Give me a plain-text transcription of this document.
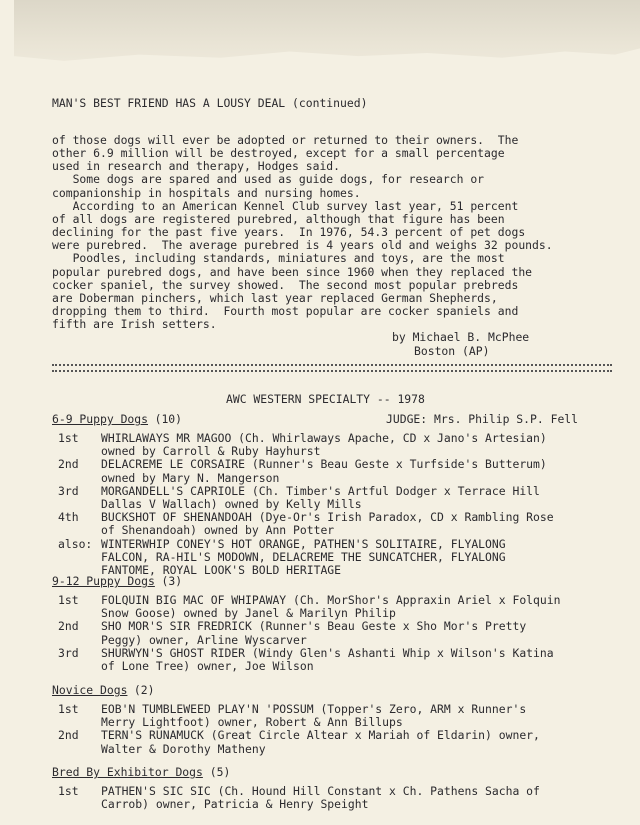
MAN'S BEST FRIEND HAS A LOUSY DEAL (continued)
of those dogs will ever be adopted or returned to their owners.  The
other 6.9 million will be destroyed, except for a small percentage
used in research and therapy, Hodges said.
Some dogs are spared and used as guide dogs, for research or
companionship in hospitals and nursing homes.
According to an American Kennel Club survey last year, 51 percent
of all dogs are registered purebred, although that figure has been
declining for the past five years.  In 1976, 54.3 percent of pet dogs
were purebred.  The average purebred is 4 years old and weighs 32 pounds.
Poodles, including standards, miniatures and toys, are the most
popular purebred dogs, and have been since 1960 when they replaced the
cocker spaniel, the survey showed.  The second most popular prebreds
are Doberman pinchers, which last year replaced German Shepherds,
dropping them to third.  Fourth most popular are cocker spaniels and
fifth are Irish setters.
by Michael B. McPhee
Boston (AP)
AWC WESTERN SPECIALTY -- 1978
6-9 Puppy Dogs (10)	JUDGE: Mrs. Philip S.P. Fell
1st WHIRLAWAYS MR MAGOO (Ch. Whirlaways Apache, CD x Jano's Artesian)
owned by Carroll & Ruby Hayhurst
2nd DELACREME LE CORSAIRE (Runner's Beau Geste x Turfside's Butterum)
owned by Mary N. Mangerson
3rd MORGANDELL'S CAPRIOLE (Ch. Timber's Artful Dodger x Terrace Hill
Dallas V Wallach) owned by Kelly Mills
4th BUCKSHOT OF SHENANDOAH (Dye-Or's Irish Paradox, CD x Rambling Rose
of Shenandoah) owned by Ann Potter
also: WINTERWHIP CONEY'S HOT ORANGE, PATHEN'S SOLITAIRE, FLYALONG
FALCON, RA-HIL'S MODOWN, DELACREME THE SUNCATCHER, FLYALONG
FANTOME, ROYAL LOOK'S BOLD HERITAGE
9-12 Puppy Dogs (3)
1st FOLQUIN BIG MAC OF WHIPAWAY (Ch. MorShor's Appraxin Ariel x Folquin
Snow Goose) owned by Janel & Marilyn Philip
2nd SHO MOR'S SIR FREDRICK (Runner's Beau Geste x Sho Mor's Pretty
Peggy) owner, Arline Wyscarver
3rd SHURWYN'S GHOST RIDER (Windy Glen's Ashanti Whip x Wilson's Katina
of Lone Tree) owner, Joe Wilson
Novice Dogs (2)
1st EOB'N TUMBLEWEED PLAY'N 'POSSUM (Topper's Zero, ARM x Runner's
Merry Lightfoot) owner, Robert & Ann Billups
2nd TERN'S RUNAMUCK (Great Circle Altear x Mariah of Eldarin) owner,
Walter & Dorothy Matheny
Bred By Exhibitor Dogs (5)
1st PATHEN'S SIC SIC (Ch. Hound Hill Constant x Ch. Pathens Sacha of
Carrob) owner, Patricia & Henry Speight
